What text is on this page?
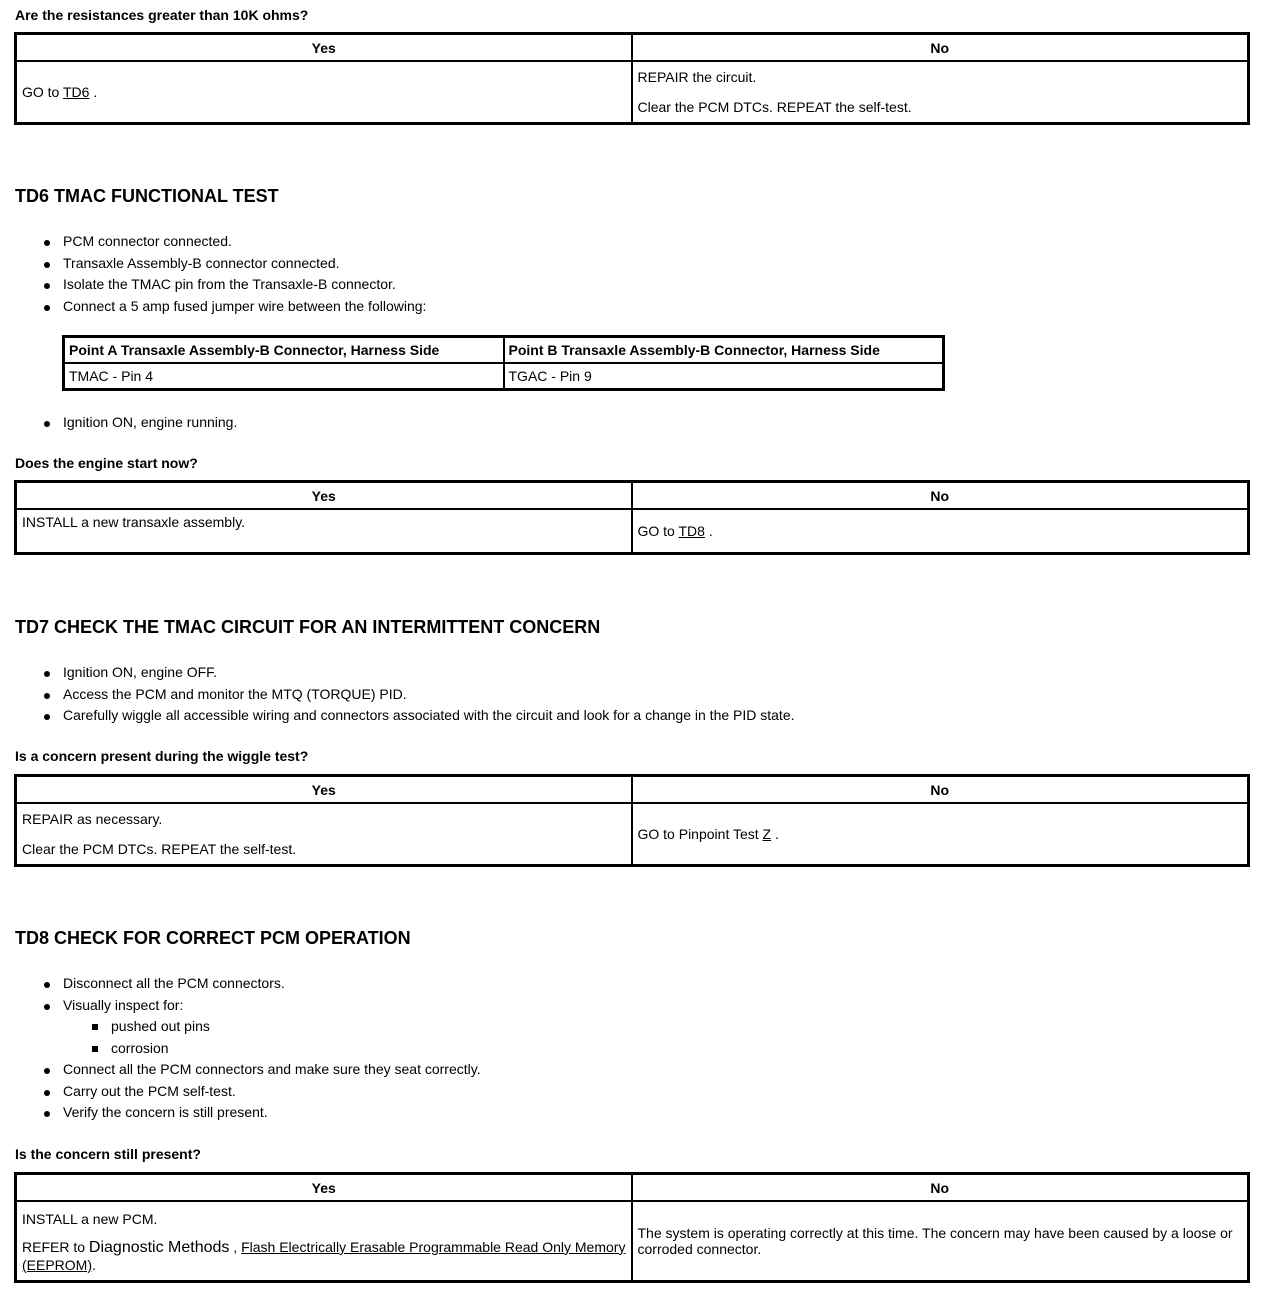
Are the resistances greater than 10K ohms?
Yes	No
GO to TD6 .	REPAIR the circuit.
Clear the PCM DTCs. REPEAT the self-test.
TD6 TMAC FUNCTIONAL TEST
PCM connector connected.
Transaxle Assembly-B connector connected.
Isolate the TMAC pin from the Transaxle-B connector.
Connect a 5 amp fused jumper wire between the following:
Point A Transaxle Assembly-B Connector, Harness Side	Point B Transaxle Assembly-B Connector, Harness Side
TMAC - Pin 4	TGAC - Pin 9
Ignition ON, engine running.
Does the engine start now?
Yes	No
INSTALL a new transaxle assembly.	GO to TD8 .
TD7 CHECK THE TMAC CIRCUIT FOR AN INTERMITTENT CONCERN
Ignition ON, engine OFF.
Access the PCM and monitor the MTQ (TORQUE) PID.
Carefully wiggle all accessible wiring and connectors associated with the circuit and look for a change in the PID state.
Is a concern present during the wiggle test?
Yes	No
REPAIR as necessary.
Clear the PCM DTCs. REPEAT the self-test.	GO to Pinpoint Test Z .
TD8 CHECK FOR CORRECT PCM OPERATION
Disconnect all the PCM connectors.
Visually inspect for:
pushed out pins
corrosion
Connect all the PCM connectors and make sure they seat correctly.
Carry out the PCM self-test.
Verify the concern is still present.
Is the concern still present?
Yes	No
INSTALL a new PCM.
REFER to Diagnostic Methods , Flash Electrically Erasable Programmable Read Only Memory (EEPROM).	The system is operating correctly at this time. The concern may have been caused by a loose or corroded connector.
